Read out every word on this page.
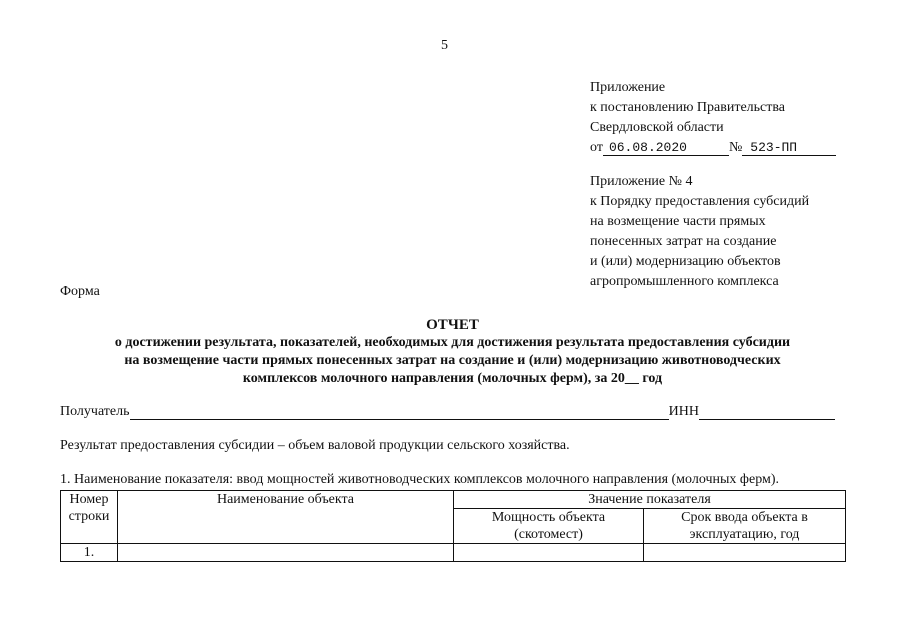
5
Приложение
к постановлению Правительства
Свердловской области
от 06.08.2020	№ 523-ПП
Приложение № 4
к Порядку предоставления субсидий
на возмещение части прямых
понесенных затрат на создание
и (или) модернизацию объектов
агропромышленного комплекса
Форма
ОТЧЕТ
о достижении результата, показателей, необходимых для достижения результата предоставления субсидии
на возмещение части прямых понесенных затрат на создание и (или) модернизацию животноводческих
комплексов молочного направления (молочных ферм), за 20__ год
Получатель	ИНН
Результат предоставления субсидии – объем валовой продукции сельского хозяйства.
1. Наименование показателя: ввод мощностей животноводческих комплексов молочного направления (молочных ферм).
Номер строки	Наименование объекта	Значение показателя	
		Мощность объекта (скотомест)	Срок ввода объекта в эксплуатацию, год
1.			
